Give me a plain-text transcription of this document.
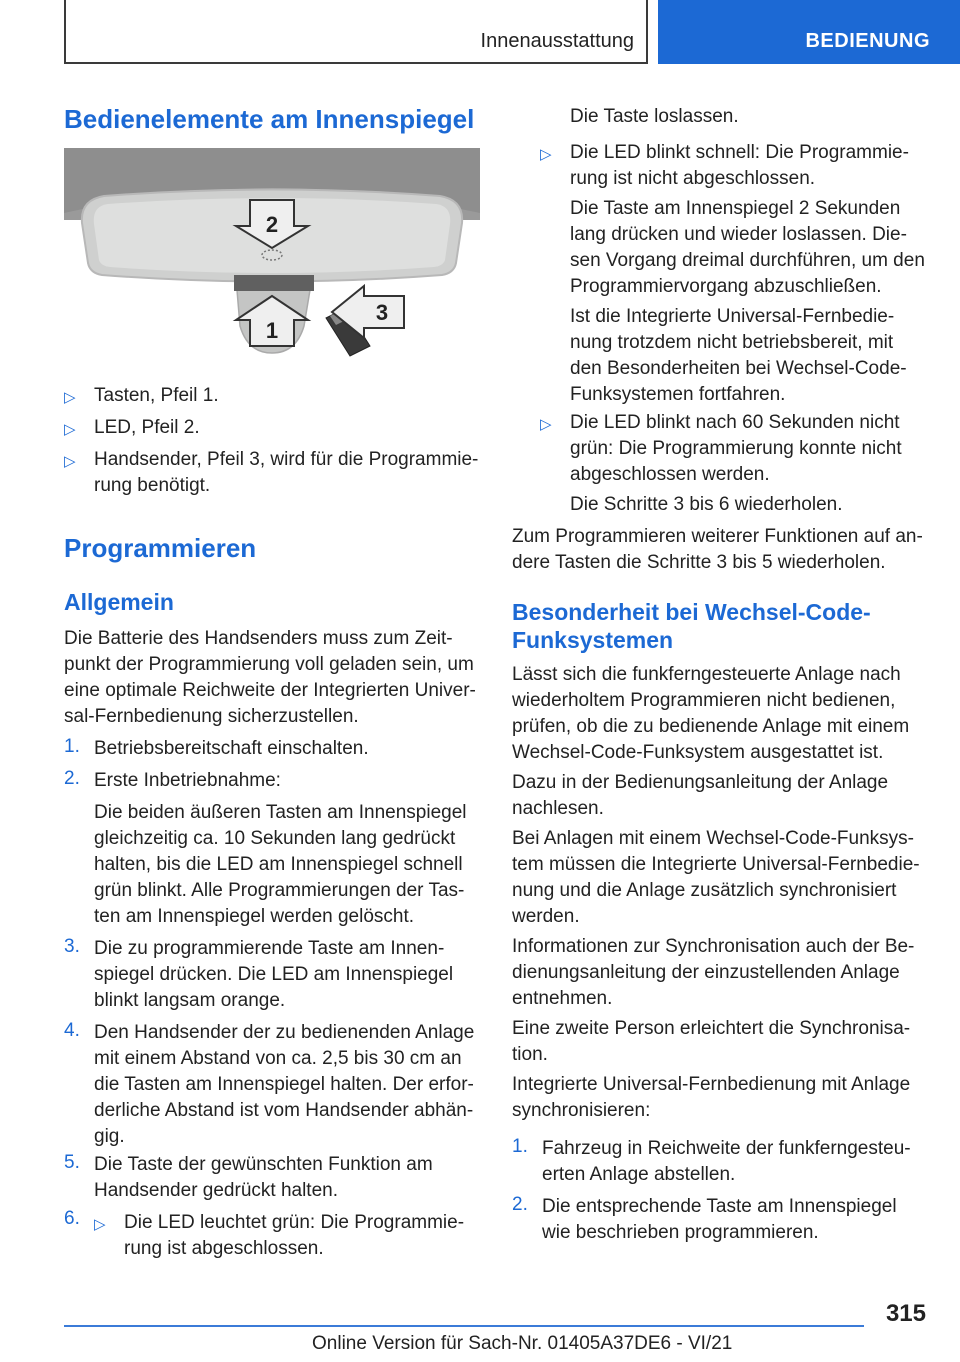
Innenausstattung	BEDIENUNG
Bedienelemente am Innenspiegel
2
1
3
▷ Tasten, Pfeil 1.

▷ LED, Pfeil 2.

▷ Handsender, Pfeil 3, wird für die Programmie-

rung benötigt.

Programmieren
Allgemein

Die Batterie des Handsenders muss zum Zeit-

punkt der Programmierung voll geladen sein, um

eine optimale Reichweite der Integrierten Univer-

sal-Fernbedienung sicherzustellen.

1. Betriebsbereitschaft einschalten.

2. Erste Inbetriebnahme:

Die beiden äußeren Tasten am Innenspiegel

gleichzeitig ca. 10 Sekunden lang gedrückt

halten, bis die LED am Innenspiegel schnell

grün blinkt. Alle Programmierungen der Tas-

ten am Innenspiegel werden gelöscht.

3. Die zu programmierende Taste am Innen-

spiegel drücken. Die LED am Innenspiegel

blinkt langsam orange.

4. Den Handsender der zu bedienenden Anlage

mit einem Abstand von ca. 2,5 bis 30 cm an

die Tasten am Innenspiegel halten. Der erfor-

derliche Abstand ist vom Handsender abhän-

gig.

5. Die Taste der gewünschten Funktion am

Handsender gedrückt halten.

6. ▷ Die LED leuchtet grün: Die Programmie-

rung ist abgeschlossen.

Die Taste loslassen.

▷ Die LED blinkt schnell: Die Programmie-

rung ist nicht abgeschlossen.

Die Taste am Innenspiegel 2 Sekunden

lang drücken und wieder loslassen. Die-

sen Vorgang dreimal durchführen, um den

Programmiervorgang abzuschließen.

Ist die Integrierte Universal-Fernbedie-

nung trotzdem nicht betriebsbereit, mit

den Besonderheiten bei Wechsel-Code-

Funksystemen fortfahren.

▷ Die LED blinkt nach 60 Sekunden nicht

grün: Die Programmierung konnte nicht

abgeschlossen werden.

Die Schritte 3 bis 6 wiederholen.

Zum Programmieren weiterer Funktionen auf an-

dere Tasten die Schritte 3 bis 5 wiederholen.

Besonderheit bei Wechsel-Code-
Funksystemen

Lässt sich die funkferngesteuerte Anlage nach

wiederholtem Programmieren nicht bedienen,

prüfen, ob die zu bedienende Anlage mit einem

Wechsel-Code-Funksystem ausgestattet ist.

Dazu in der Bedienungsanleitung der Anlage

nachlesen.

Bei Anlagen mit einem Wechsel-Code-Funksys-

tem müssen die Integrierte Universal-Fernbedie-

nung und die Anlage zusätzlich synchronisiert

werden.

Informationen zur Synchronisation auch der Be-

dienungsanleitung der einzustellenden Anlage

entnehmen.

Eine zweite Person erleichtert die Synchronisa-

tion.

Integrierte Universal-Fernbedienung mit Anlage

synchronisieren:

1. Fahrzeug in Reichweite der funkferngesteu-

erten Anlage abstellen.

2. Die entsprechende Taste am Innenspiegel

wie beschrieben programmieren.

315
Online Version für Sach-Nr. 01405A37DE6 - VI/21
